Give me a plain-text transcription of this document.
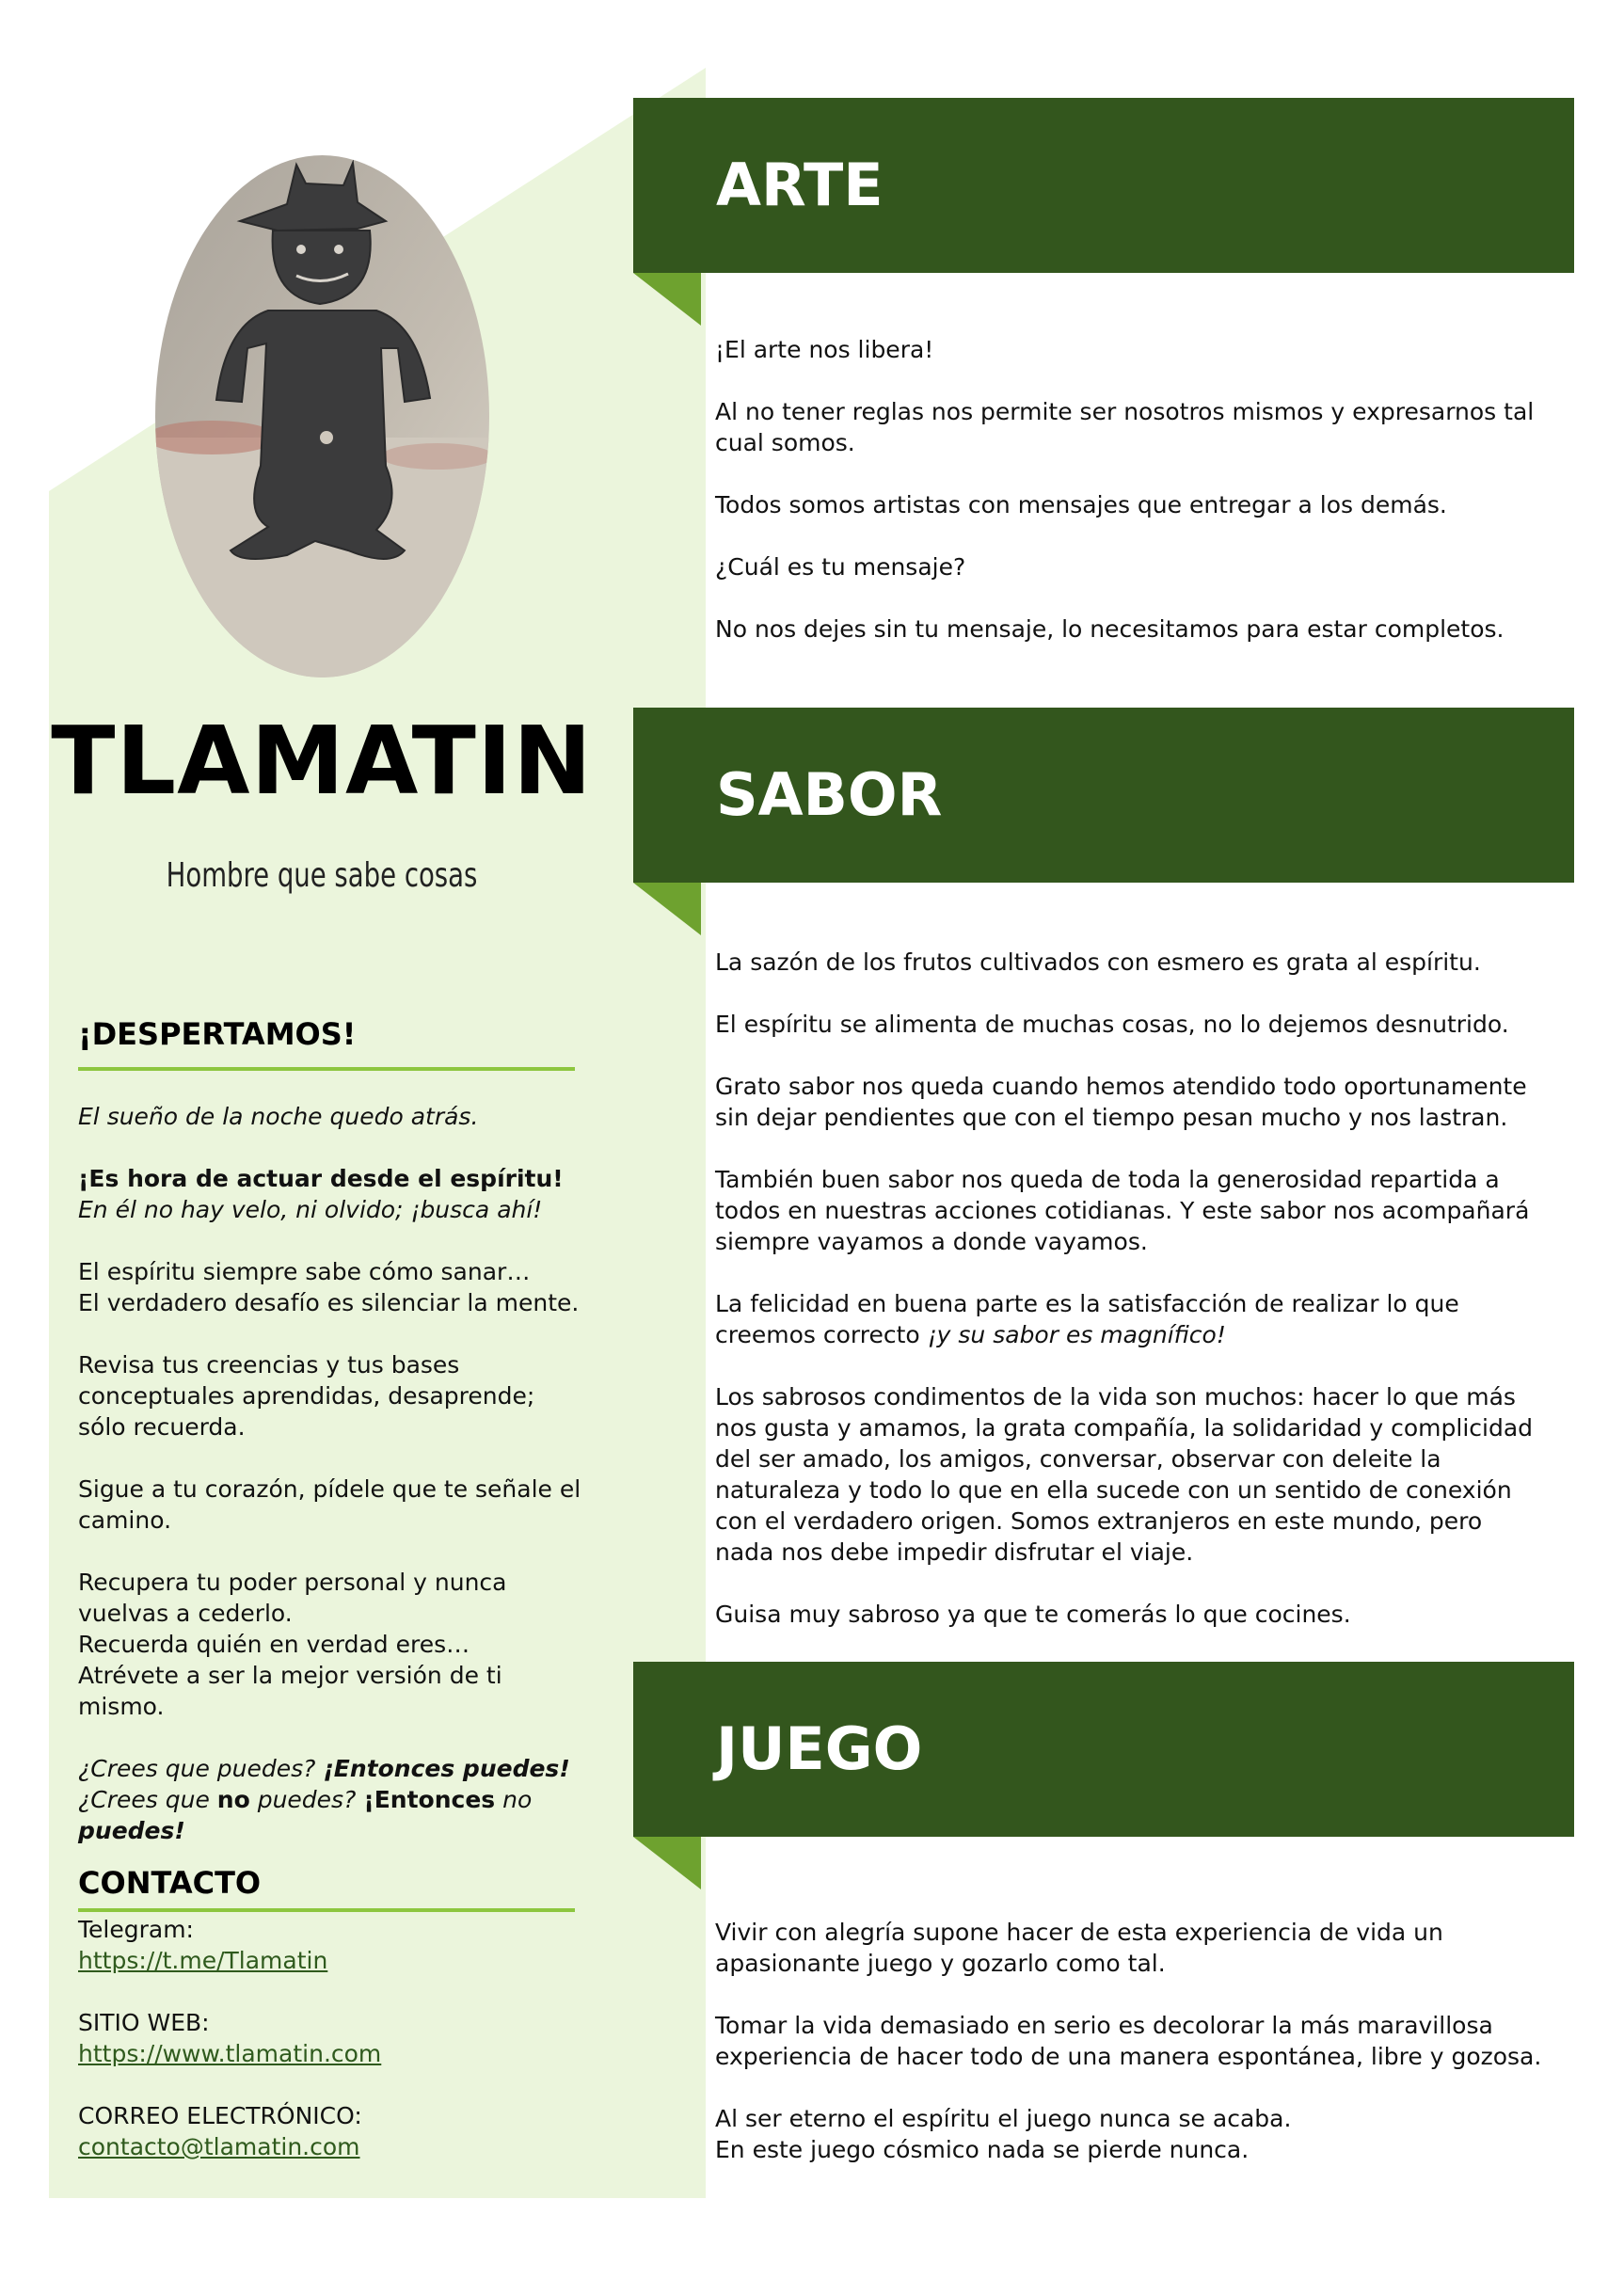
TLAMATIN
Hombre que sabe cosas
¡DESPERTAMOS!

El sueño de la noche quedo atrás.

¡Es hora de actuar desde el espíritu!
En él no hay velo, ni olvido; ¡busca ahí!

El espíritu siempre sabe cómo sanar…
El verdadero desafío es silenciar la mente.

Revisa tus creencias y tus bases conceptuales aprendidas, desaprende; sólo recuerda.

Sigue a tu corazón, pídele que te señale el camino.

Recupera tu poder personal y nunca vuelvas a cederlo.
Recuerda quién en verdad eres…
Atrévete a ser la mejor versión de ti mismo.

¿Crees que puedes? ¡Entonces puedes!
¿Crees que no puedes? ¡Entonces no
puedes!

CONTACTO

Telegram:
https://t.me/Tlamatin

SITIO WEB:
https://www.tlamatin.com

CORREO ELECTRÓNICO:
contacto@tlamatin.com

ARTE

¡El arte nos libera!

Al no tener reglas nos permite ser nosotros mismos y expresarnos tal cual somos.

Todos somos artistas con mensajes que entregar a los demás.

¿Cuál es tu mensaje?

No nos dejes sin tu mensaje, lo necesitamos para estar completos.

SABOR

La sazón de los frutos cultivados con esmero es grata al espíritu.

El espíritu se alimenta de muchas cosas, no lo dejemos desnutrido.

Grato sabor nos queda cuando hemos atendido todo oportunamente sin dejar pendientes que con el tiempo pesan mucho y nos lastran.

También buen sabor nos queda de toda la generosidad repartida a todos en nuestras acciones cotidianas. Y este sabor nos acompañará siempre vayamos a donde vayamos.

La felicidad en buena parte es la satisfacción de realizar lo que creemos correcto ¡y su sabor es magnífico!

Los sabrosos condimentos de la vida son muchos: hacer lo que más nos gusta y amamos, la grata compañía, la solidaridad y complicidad del ser amado, los amigos, conversar, observar con deleite la naturaleza y todo lo que en ella sucede con un sentido de conexión con el verdadero origen. Somos extranjeros en este mundo, pero nada nos debe impedir disfrutar el viaje.

Guisa muy sabroso ya que te comerás lo que cocines.

JUEGO

Vivir con alegría supone hacer de esta experiencia de vida un apasionante juego y gozarlo como tal.

Tomar la vida demasiado en serio es decolorar la más maravillosa experiencia de hacer todo de una manera espontánea, libre y gozosa.

Al ser eterno el espíritu el juego nunca se acaba.
En este juego cósmico nada se pierde nunca.
